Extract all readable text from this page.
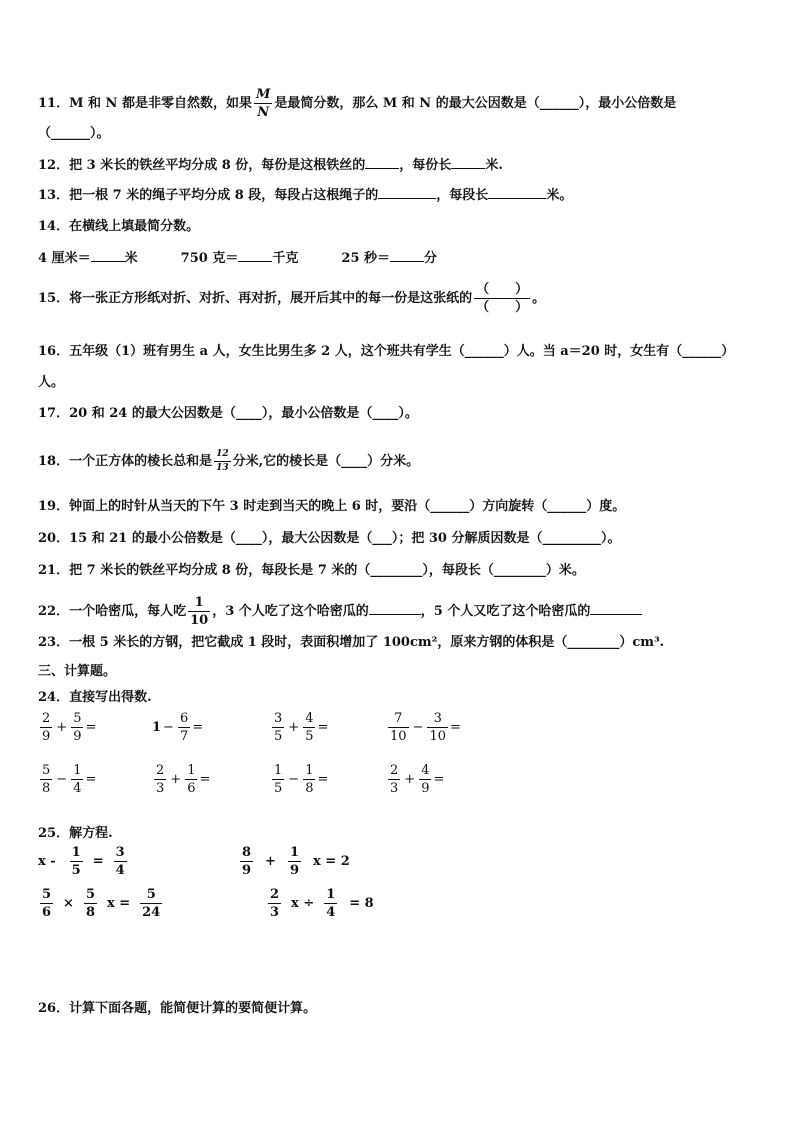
11．M 和 N 都是非零自然数，如果 $\frac{M}{N}$ 是最简分数，那么 M 和 N 的最大公因数是（______），最小公倍数是
（______）。
12．把 3 米长的铁丝平均分成 8 份，每份是这根铁丝的	，每份长	米.
13．把一根 7 米的绳子平均分成 8 段，每段占这根绳子的	，每段长	米。
14．在横线上填最简分数。
4 厘米＝	米	750 克＝	千克	25 秒＝	分
15．将一张正方形纸对折、对折、再对折，展开后其中的每一份是这张纸的 $\frac{( )}{( )}$ 。
16．五年级（1）班有男生 a 人，女生比男生多 2 人，这个班共有学生（______）人。当 a＝20 时，女生有（______）
人。
17．20 和 24 的最大公因数是（____），最小公倍数是（____）。
18．一个正方体的棱长总和是 $\frac{12}{13}$ 分米,它的棱长是（____）分米。
19．钟面上的时针从当天的下午 3 时走到当天的晚上 6 时，要沿（______）方向旋转（______）度。
20．15 和 21 的最小公倍数是（____），最大公因数是（___）；把 30 分解质因数是（_________）。
21．把 7 米长的铁丝平均分成 8 份，每段长是 7 米的（________），每段长（________）米。
22．一个哈密瓜，每人吃 $\frac{1}{10}$ ，3 个人吃了这个哈密瓜的	，5 个人又吃了这个哈密瓜的
23．一根 5 米长的方钢，把它截成 1 段时，表面积增加了 100cm²，原来方钢的体积是（________）cm³.
三、计算题。
24．直接写出得数.
$\frac{2}{9} + \frac{5}{9}$ =	$1 - \frac{6}{7}$ =	$\frac{3}{5} + \frac{4}{5}$ =	$\frac{7}{10} - \frac{3}{10}$ =
$\frac{5}{8} - \frac{1}{4}$ =	$\frac{2}{3} + \frac{1}{6}$ =	$\frac{1}{5} - \frac{1}{8}$ =	$\frac{2}{3} + \frac{4}{9}$ =
25．解方程.
$x - \frac{1}{5} = \frac{3}{4}$	$\frac{8}{9} + \frac{1}{9}$ x = 2
$\frac{5}{6} \times \frac{5}{8}$ $x = \frac{5}{24}$	$\frac{2}{3}$ $x \div \frac{1}{4} = 8$
26．计算下面各题，能简便计算的要简便计算。
